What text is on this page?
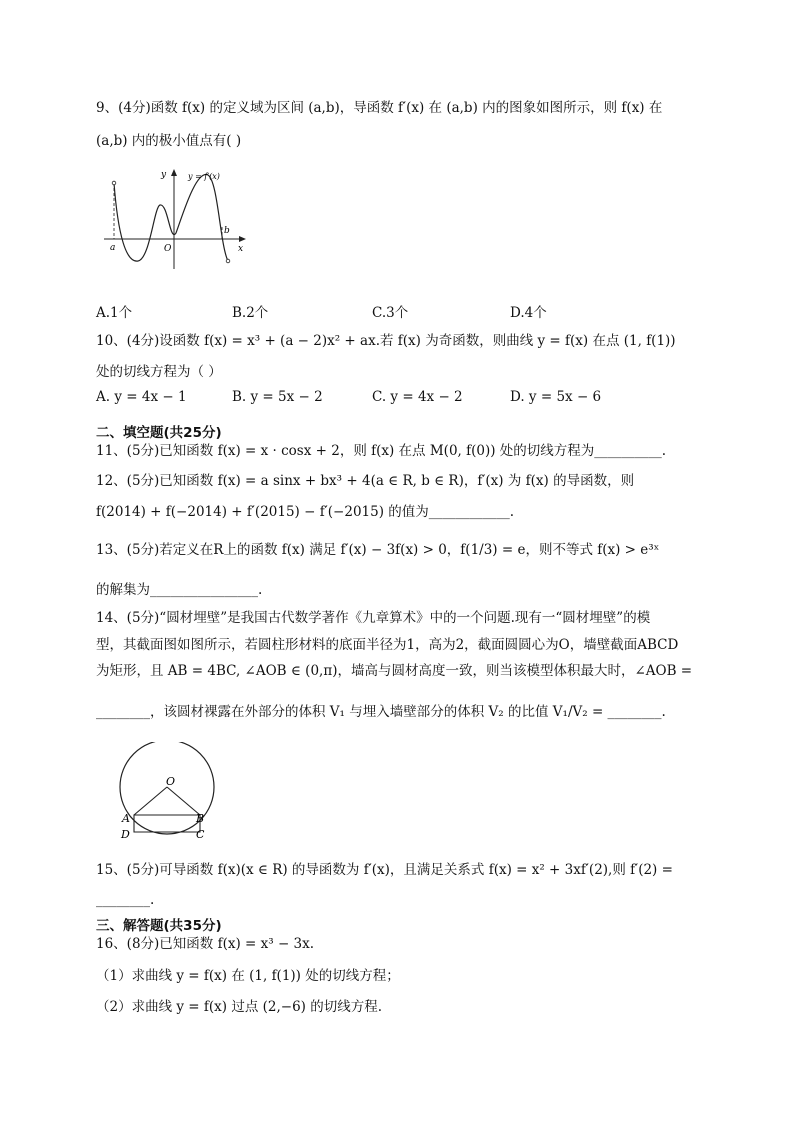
9、(4分)函数 f(x) 的定义域为区间 (a,b)，导函数 f′(x) 在 (a,b) 内的图象如图所示，则 f(x) 在
(a,b) 内的极小值点有( )
a
b
O	x
y	y = f′(x)
A.1个	B.2个	C.3个	D.4个
10、(4分)设函数 f(x) = x³ + (a − 2)x² + ax.若 f(x) 为奇函数，则曲线 y = f(x) 在点 (1, f(1))
处的切线方程为（ ）
A. y = 4x − 1	B. y = 5x − 2	C. y = 4x − 2	D. y = 5x − 6
二、填空题(共25分)
11、(5分)已知函数 f(x) = x · cosx + 2，则 f(x) 在点 M(0, f(0)) 处的切线方程为__________.
12、(5分)已知函数 f(x) = a sinx + bx³ + 4(a ∈ R, b ∈ R)，f′(x) 为 f(x) 的导函数，则
f(2014) + f(−2014) + f′(2015) − f′(−2015) 的值为____________.
13、(5分)若定义在R上的函数 f(x) 满足 f′(x) − 3f(x) > 0，f(1/3) = e，则不等式 f(x) > e³ˣ
的解集为________________.
14、(5分)“圆材埋壁”是我国古代数学著作《九章算术》中的一个问题.现有一“圆材埋壁”的模
型，其截面图如图所示，若圆柱形材料的底面半径为1，高为2，截面圆圆心为O，墙壁截面ABCD
为矩形，且 AB = 4BC, ∠AOB ∈ (0,π)，墙高与圆材高度一致，则当该模型体积最大时，∠AOB =
________，该圆材裸露在外部分的体积 V₁ 与埋入墙壁部分的体积 V₂ 的比值 V₁/V₂ = ________.
O
A	B
C
D
15、(5分)可导函数 f(x)(x ∈ R) 的导函数为 f′(x)，且满足关系式 f(x) = x² + 3xf′(2),则 f′(2) =
________.
三、解答题(共35分)
16、(8分)已知函数 f(x) = x³ − 3x.
（1）求曲线 y = f(x) 在 (1, f(1)) 处的切线方程；
（2）求曲线 y = f(x) 过点 (2,−6) 的切线方程.
